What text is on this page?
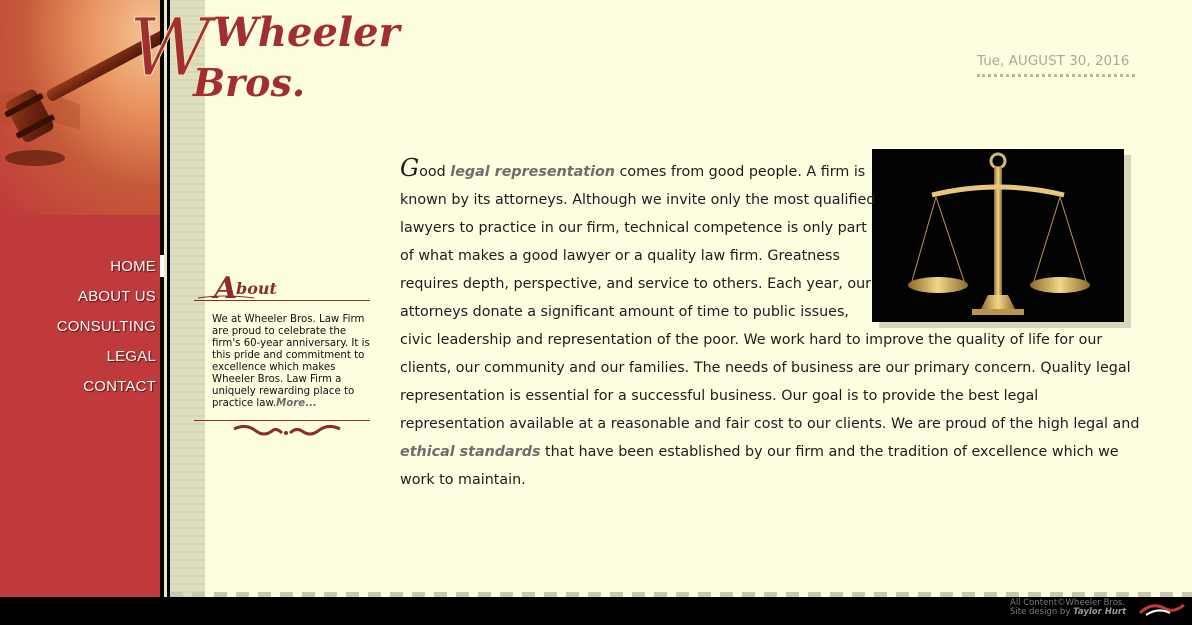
HOME
ABOUT US
CONSULTING
LEGAL
CONTACT
W Wheeler
Bros.	Tue, AUGUST 30, 2016
A
bout

We at Wheeler Bros. Law Firm are proud to celebrate the firm's 60-year anniversary. It is this pride and commitment to excellence which makes Wheeler Bros. Law Firm a uniquely rewarding place to practice law.More...

Good legal representation comes from good people. A firm is known by its attorneys. Although we invite only the most qualified lawyers to practice in our firm, technical competence is only part of what makes a good lawyer or a quality law firm. Greatness requires depth, perspective, and service to others. Each year, our attorneys donate a significant amount of time to public issues, civic leadership and representation of the poor. We work hard to improve the quality of life for our clients, our community and our families. The needs of business are our primary concern. Quality legal representation is essential for a successful business. Our goal is to provide the best legal representation available at a reasonable and fair cost to our clients. We are proud of the high legal and ethical standards that have been established by our firm and the tradition of excellence which we work to maintain.
All Content©Wheeler Bros.
Site design by Taylor Hurt
